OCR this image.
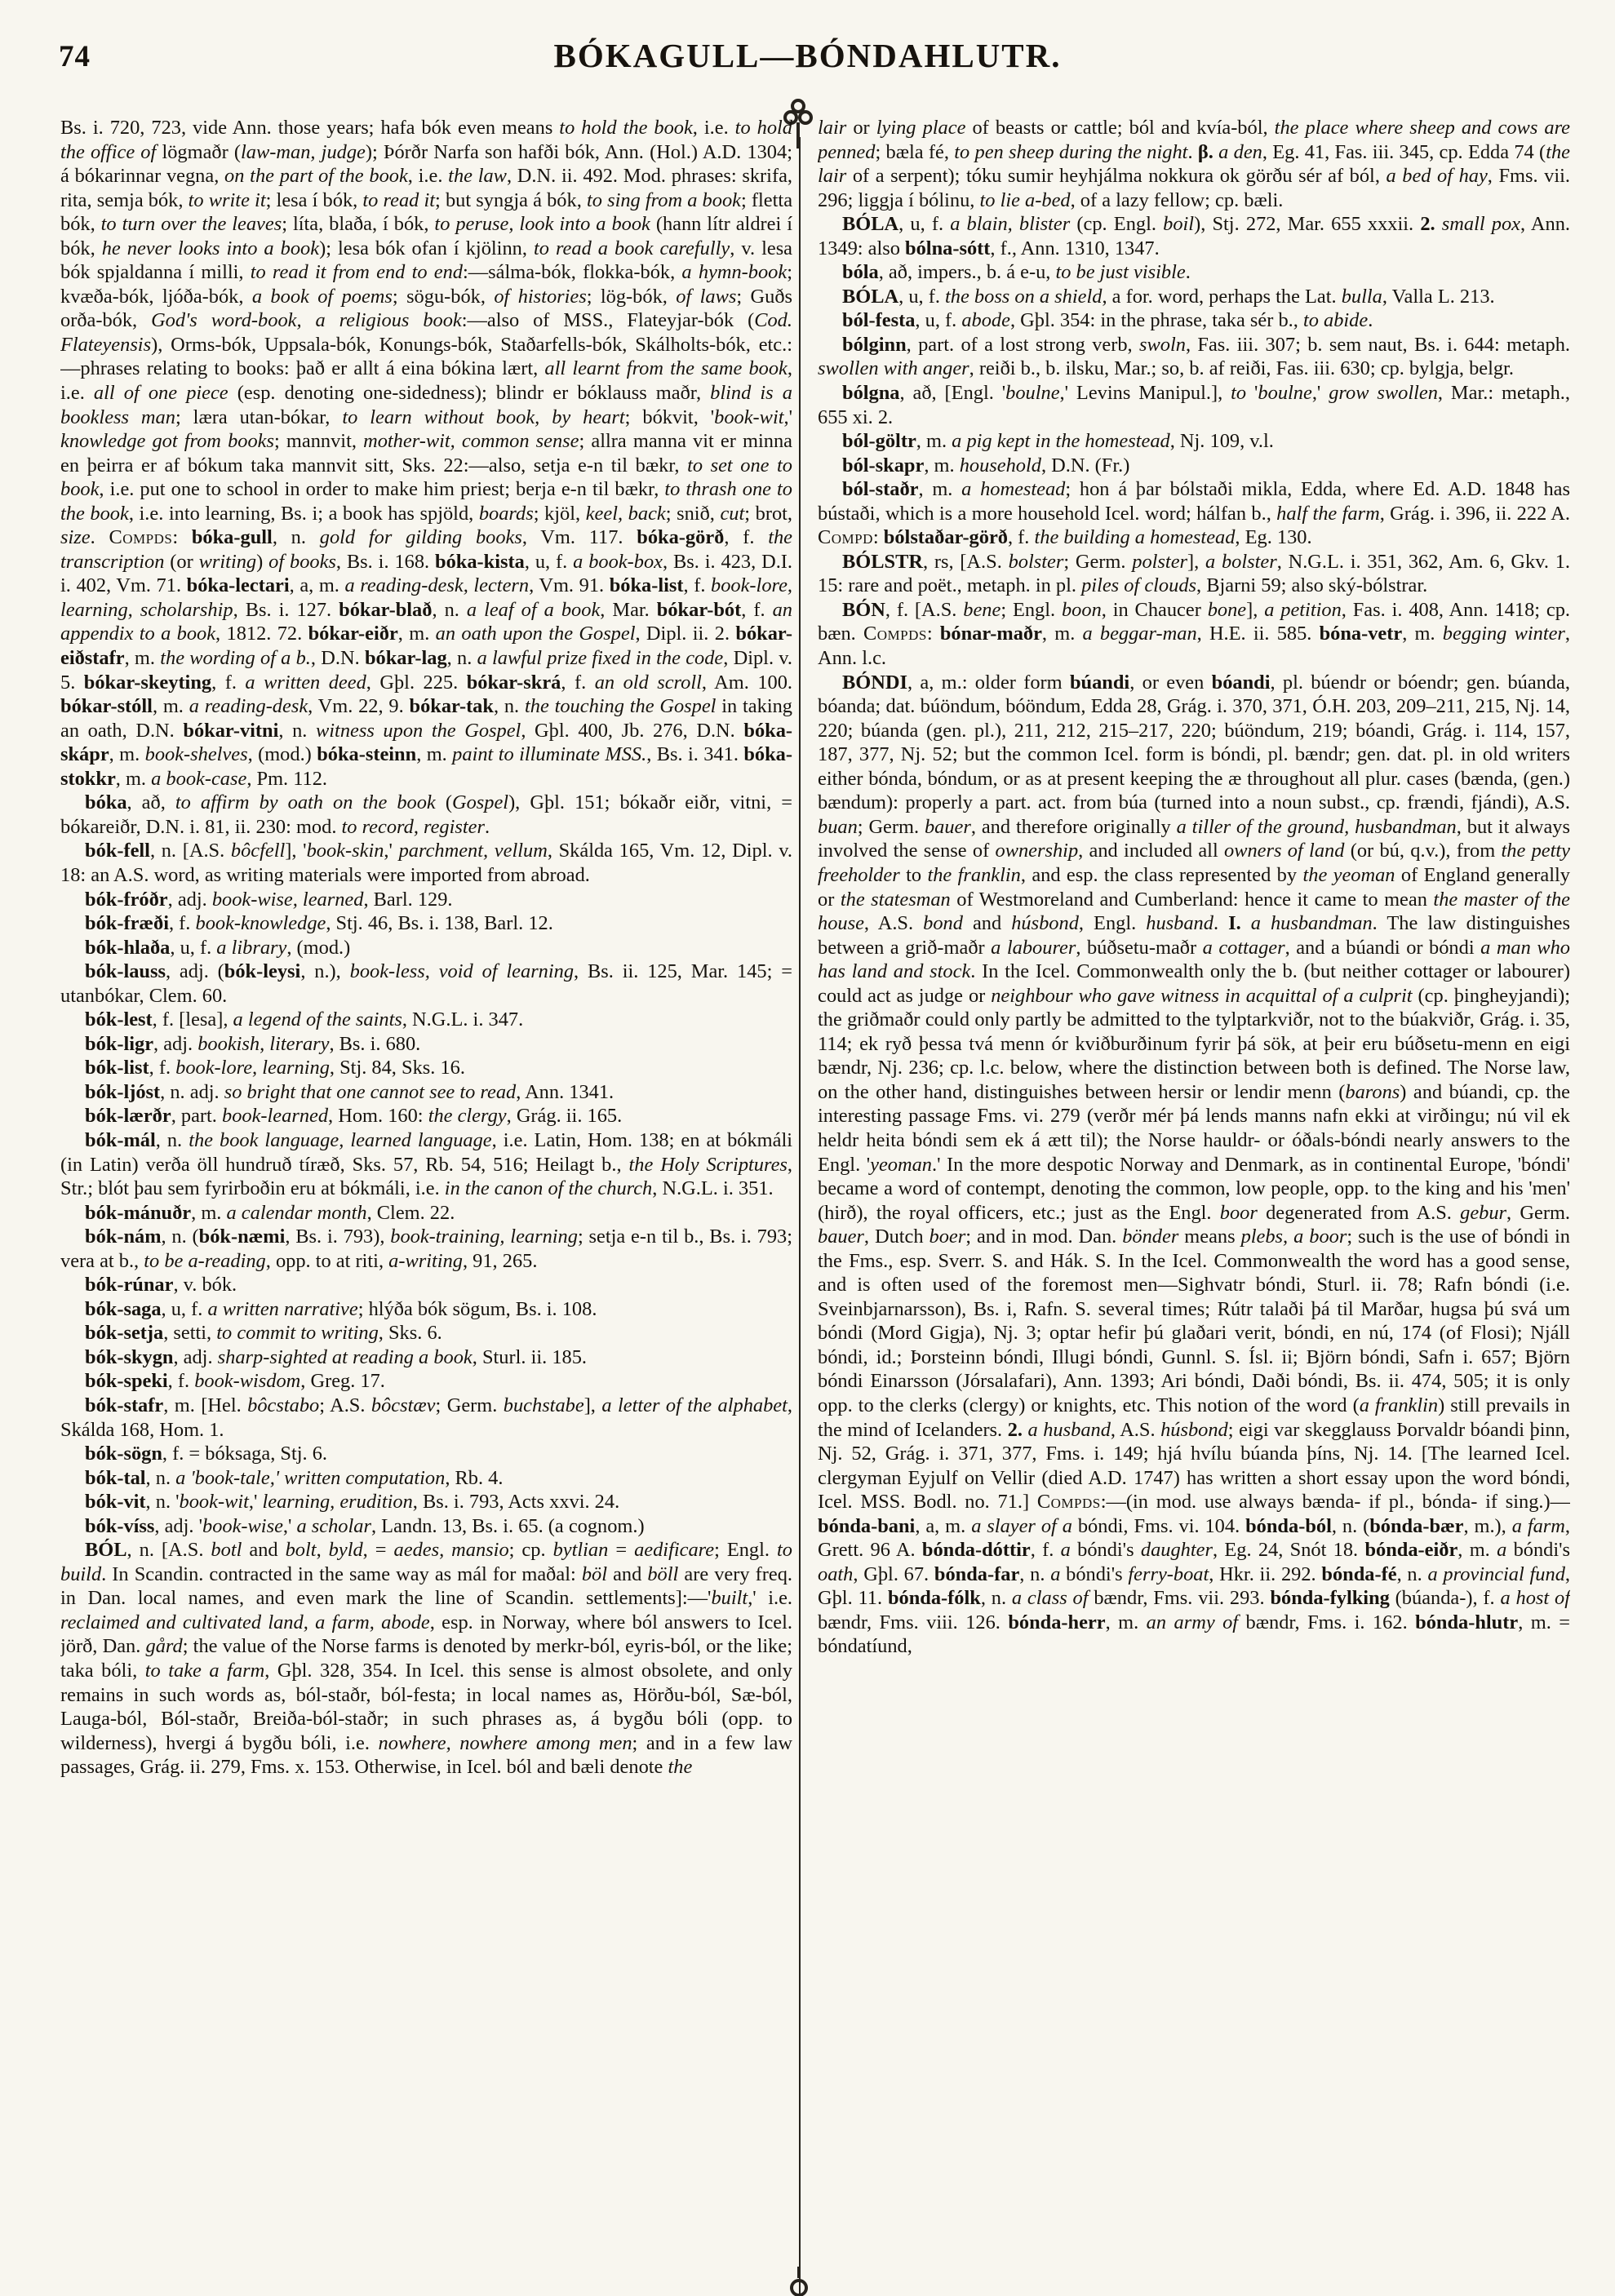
74	BÓKAGULL—BÓNDAHLUTR.

Bs. i. 720, 723, vide Ann. those years; hafa bók even means to hold the book, i.e. to hold the office of lögmaðr (law-man, judge); Þórðr Narfa son hafði bók, Ann. (Hol.) A.D. 1304; á bókarinnar vegna, on the part of the book, i.e. the law, D.N. ii. 492. Mod. phrases: skrifa, rita, semja bók, to write it; lesa í bók, to read it; but syngja á bók, to sing from a book; fletta bók, to turn over the leaves; líta, blaða, í bók, to peruse, look into a book (hann lítr aldrei í bók, he never looks into a book); lesa bók ofan í kjölinn, to read a book carefully, v. lesa bók spjaldanna í milli, to read it from end to end:—sálma-bók, flokka-bók, a hymn-book; kvæða-bók, ljóða-bók, a book of poems; sögu-bók, of histories; lög-bók, of laws; Guðs orða-bók, God's word-book, a religious book:—also of MSS., Flateyjar-bók (Cod. Flateyensis), Orms-bók, Uppsala-bók, Konungs-bók, Staðarfells-bók, Skálholts-bók, etc.:—phrases relating to books: það er allt á eina bókina lært, all learnt from the same book, i.e. all of one piece (esp. denoting one-sidedness); blindr er bóklauss maðr, blind is a bookless man; læra utan-bókar, to learn without book, by heart; bókvit, 'book-wit,' knowledge got from books; mannvit, mother-wit, common sense; allra manna vit er minna en þeirra er af bókum taka mannvit sitt, Sks. 22:—also, setja e-n til bækr, to set one to book, i.e. put one to school in order to make him priest; berja e-n til bækr, to thrash one to the book, i.e. into learning, Bs. i; a book has spjöld, boards; kjöl, keel, back; snið, cut; brot, size. Compds: bóka-gull, n. gold for gilding books, Vm. 117. bóka-görð, f. the transcription (or writing) of books, Bs. i. 168. bóka-kista, u, f. a book-box, Bs. i. 423, D.I. i. 402, Vm. 71. bóka-lectari, a, m. a reading-desk, lectern, Vm. 91. bóka-list, f. book-lore, learning, scholarship, Bs. i. 127. bókar-blað, n. a leaf of a book, Mar. bókar-bót, f. an appendix to a book, 1812. 72. bókar-eiðr, m. an oath upon the Gospel, Dipl. ii. 2. bókar-eiðstafr, m. the wording of a b., D.N. bókar-lag, n. a lawful prize fixed in the code, Dipl. v. 5. bókar-skeyting, f. a written deed, Gþl. 225. bókar-skrá, f. an old scroll, Am. 100. bókar-stóll, m. a reading-desk, Vm. 22, 9. bókar-tak, n. the touching the Gospel in taking an oath, D.N. bókar-vitni, n. witness upon the Gospel, Gþl. 400, Jb. 276, D.N. bóka-skápr, m. book-shelves, (mod.) bóka-steinn, m. paint to illuminate MSS., Bs. i. 341. bóka-stokkr, m. a book-case, Pm. 112.

bóka, að, to affirm by oath on the book (Gospel), Gþl. 151; bókaðr eiðr, vitni, = bókareiðr, D.N. i. 81, ii. 230: mod. to record, register.

bók-fell, n. [A.S. bôcfell], 'book-skin,' parchment, vellum, Skálda 165, Vm. 12, Dipl. v. 18: an A.S. word, as writing materials were imported from abroad.

bók-fróðr, adj. book-wise, learned, Barl. 129.

bók-fræði, f. book-knowledge, Stj. 46, Bs. i. 138, Barl. 12.

bók-hlaða, u, f. a library, (mod.)

bók-lauss, adj. (bók-leysi, n.), book-less, void of learning, Bs. ii. 125, Mar. 145; = utanbókar, Clem. 60.

bók-lest, f. [lesa], a legend of the saints, N.G.L. i. 347.

bók-ligr, adj. bookish, literary, Bs. i. 680.

bók-list, f. book-lore, learning, Stj. 84, Sks. 16.

bók-ljóst, n. adj. so bright that one cannot see to read, Ann. 1341.

bók-lærðr, part. book-learned, Hom. 160: the clergy, Grág. ii. 165.

bók-mál, n. the book language, learned language, i.e. Latin, Hom. 138; en at bókmáli (in Latin) verða öll hundruð tíræð, Sks. 57, Rb. 54, 516; Heilagt b., the Holy Scriptures, Str.; blót þau sem fyrirboðin eru at bókmáli, i.e. in the canon of the church, N.G.L. i. 351.

bók-mánuðr, m. a calendar month, Clem. 22.

bók-nám, n. (bók-næmi, Bs. i. 793), book-training, learning; setja e-n til b., Bs. i. 793; vera at b., to be a-reading, opp. to at riti, a-writing, 91, 265.

bók-rúnar, v. bók.

bók-saga, u, f. a written narrative; hlýða bók sögum, Bs. i. 108.

bók-setja, setti, to commit to writing, Sks. 6.

bók-skygn, adj. sharp-sighted at reading a book, Sturl. ii. 185.

bók-speki, f. book-wisdom, Greg. 17.

bók-stafr, m. [Hel. bôcstabo; A.S. bôcstæv; Germ. buchstabe], a letter of the alphabet, Skálda 168, Hom. 1.

bók-sögn, f. = bóksaga, Stj. 6.

bók-tal, n. a 'book-tale,' written computation, Rb. 4.

bók-vit, n. 'book-wit,' learning, erudition, Bs. i. 793, Acts xxvi. 24.

bók-víss, adj. 'book-wise,' a scholar, Landn. 13, Bs. i. 65. (a cognom.)

BÓL, n. [A.S. botl and bolt, byld, = aedes, mansio; cp. bytlian = aedificare; Engl. to build. In Scandin. contracted in the same way as mál for maðal: böl and böll are very freq. in Dan. local names, and even mark the line of Scandin. settlements]:—'built,' i.e. reclaimed and cultivated land, a farm, abode, esp. in Norway, where ból answers to Icel. jörð, Dan. gård; the value of the Norse farms is denoted by merkr-ból, eyris-ból, or the like; taka bóli, to take a farm, Gþl. 328, 354. In Icel. this sense is almost obsolete, and only remains in such words as, ból-staðr, ból-festa; in local names as, Hörðu-ból, Sæ-ból, Lauga-ból, Ból-staðr, Breiða-ból-staðr; in such phrases as, á bygðu bóli (opp. to wilderness), hvergi á bygðu bóli, i.e. nowhere, nowhere among men; and in a few law passages, Grág. ii. 279, Fms. x. 153. Otherwise, in Icel. ból and bæli denote the

lair or lying place of beasts or cattle; ból and kvía-ból, the place where sheep and cows are penned; bæla fé, to pen sheep during the night. β. a den, Eg. 41, Fas. iii. 345, cp. Edda 74 (the lair of a serpent); tóku sumir heyhjálma nokkura ok görðu sér af ból, a bed of hay, Fms. vii. 296; liggja í bólinu, to lie a-bed, of a lazy fellow; cp. bæli.

BÓLA, u, f. a blain, blister (cp. Engl. boil), Stj. 272, Mar. 655 xxxii. 2. small pox, Ann. 1349: also bólna-sótt, f., Ann. 1310, 1347.

bóla, að, impers., b. á e-u, to be just visible.

BÓLA, u, f. the boss on a shield, a for. word, perhaps the Lat. bulla, Valla L. 213.

ból-festa, u, f. abode, Gþl. 354: in the phrase, taka sér b., to abide.

bólginn, part. of a lost strong verb, swoln, Fas. iii. 307; b. sem naut, Bs. i. 644: metaph. swollen with anger, reiði b., b. ilsku, Mar.; so, b. af reiði, Fas. iii. 630; cp. bylgja, belgr.

bólgna, að, [Engl. 'boulne,' Levins Manipul.], to 'boulne,' grow swollen, Mar.: metaph., 655 xi. 2.

ból-göltr, m. a pig kept in the homestead, Nj. 109, v.l.

ból-skapr, m. household, D.N. (Fr.)

ból-staðr, m. a homestead; hon á þar bólstaði mikla, Edda, where Ed. A.D. 1848 has bústaði, which is a more household Icel. word; hálfan b., half the farm, Grág. i. 396, ii. 222 A. Compd: bólstaðar-görð, f. the building a homestead, Eg. 130.

BÓLSTR, rs, [A.S. bolster; Germ. polster], a bolster, N.G.L. i. 351, 362, Am. 6, Gkv. 1. 15: rare and poët., metaph. in pl. piles of clouds, Bjarni 59; also ský-bólstrar.

BÓN, f. [A.S. bene; Engl. boon, in Chaucer bone], a petition, Fas. i. 408, Ann. 1418; cp. bæn. Compds: bónar-maðr, m. a beggar-man, H.E. ii. 585. bóna-vetr, m. begging winter, Ann. l.c.

BÓNDI, a, m.: older form búandi, or even bóandi, pl. búendr or bóendr; gen. búanda, bóanda; dat. búöndum, bóöndum, Edda 28, Grág. i. 370, 371, Ó.H. 203, 209–211, 215, Nj. 14, 220; búanda (gen. pl.), 211, 212, 215–217, 220; búöndum, 219; bóandi, Grág. i. 114, 157, 187, 377, Nj. 52; but the common Icel. form is bóndi, pl. bændr; gen. dat. pl. in old writers either bónda, bóndum, or as at present keeping the æ throughout all plur. cases (bænda, (gen.) bændum): properly a part. act. from búa (turned into a noun subst., cp. frændi, fjándi), A.S. buan; Germ. bauer, and therefore originally a tiller of the ground, husbandman, but it always involved the sense of ownership, and included all owners of land (or bú, q.v.), from the petty freeholder to the franklin, and esp. the class represented by the yeoman of England generally or the statesman of Westmoreland and Cumberland: hence it came to mean the master of the house, A.S. bond and húsbond, Engl. husband. I. a husbandman. The law distinguishes between a grið-maðr a labourer, búðsetu-maðr a cottager, and a búandi or bóndi a man who has land and stock. In the Icel. Commonwealth only the b. (but neither cottager or labourer) could act as judge or neighbour who gave witness in acquittal of a culprit (cp. þingheyjandi); the griðmaðr could only partly be admitted to the tylptarkviðr, not to the búakviðr, Grág. i. 35, 114; ek ryð þessa tvá menn ór kviðburðinum fyrir þá sök, at þeir eru búðsetu-menn en eigi bændr, Nj. 236; cp. l.c. below, where the distinction between both is defined. The Norse law, on the other hand, distinguishes between hersir or lendir menn (barons) and búandi, cp. the interesting passage Fms. vi. 279 (verðr mér þá lends manns nafn ekki at virðingu; nú vil ek heldr heita bóndi sem ek á ætt til); the Norse hauldr- or óðals-bóndi nearly answers to the Engl. 'yeoman.' In the more despotic Norway and Denmark, as in continental Europe, 'bóndi' became a word of contempt, denoting the common, low people, opp. to the king and his 'men' (hirð), the royal officers, etc.; just as the Engl. boor degenerated from A.S. gebur, Germ. bauer, Dutch boer; and in mod. Dan. bönder means plebs, a boor; such is the use of bóndi in the Fms., esp. Sverr. S. and Hák. S. In the Icel. Commonwealth the word has a good sense, and is often used of the foremost men—Sighvatr bóndi, Sturl. ii. 78; Rafn bóndi (i.e. Sveinbjarnarsson), Bs. i, Rafn. S. several times; Rútr talaði þá til Marðar, hugsa þú svá um bóndi (Mord Gigja), Nj. 3; optar hefir þú glaðari verit, bóndi, en nú, 174 (of Flosi); Njáll bóndi, id.; Þorsteinn bóndi, Illugi bóndi, Gunnl. S. Ísl. ii; Björn bóndi, Safn i. 657; Björn bóndi Einarsson (Jórsalafari), Ann. 1393; Ari bóndi, Daði bóndi, Bs. ii. 474, 505; it is only opp. to the clerks (clergy) or knights, etc. This notion of the word (a franklin) still prevails in the mind of Icelanders. 2. a husband, A.S. húsbond; eigi var skegglauss Þorvaldr bóandi þinn, Nj. 52, Grág. i. 371, 377, Fms. i. 149; hjá hvílu búanda þíns, Nj. 14. [The learned Icel. clergyman Eyjulf on Vellir (died A.D. 1747) has written a short essay upon the word bóndi, Icel. MSS. Bodl. no. 71.] Compds:—(in mod. use always bænda- if pl., bónda- if sing.)—bónda-bani, a, m. a slayer of a bóndi, Fms. vi. 104. bónda-ból, n. (bónda-bær, m.), a farm, Grett. 96 A. bónda-dóttir, f. a bóndi's daughter, Eg. 24, Snót 18. bónda-eiðr, m. a bóndi's oath, Gþl. 67. bónda-far, n. a bóndi's ferry-boat, Hkr. ii. 292. bónda-fé, n. a provincial fund, Gþl. 11. bónda-fólk, n. a class of bændr, Fms. vii. 293. bónda-fylking (búanda-), f. a host of bændr, Fms. viii. 126. bónda-herr, m. an army of bændr, Fms. i. 162. bónda-hlutr, m. = bóndatíund,
